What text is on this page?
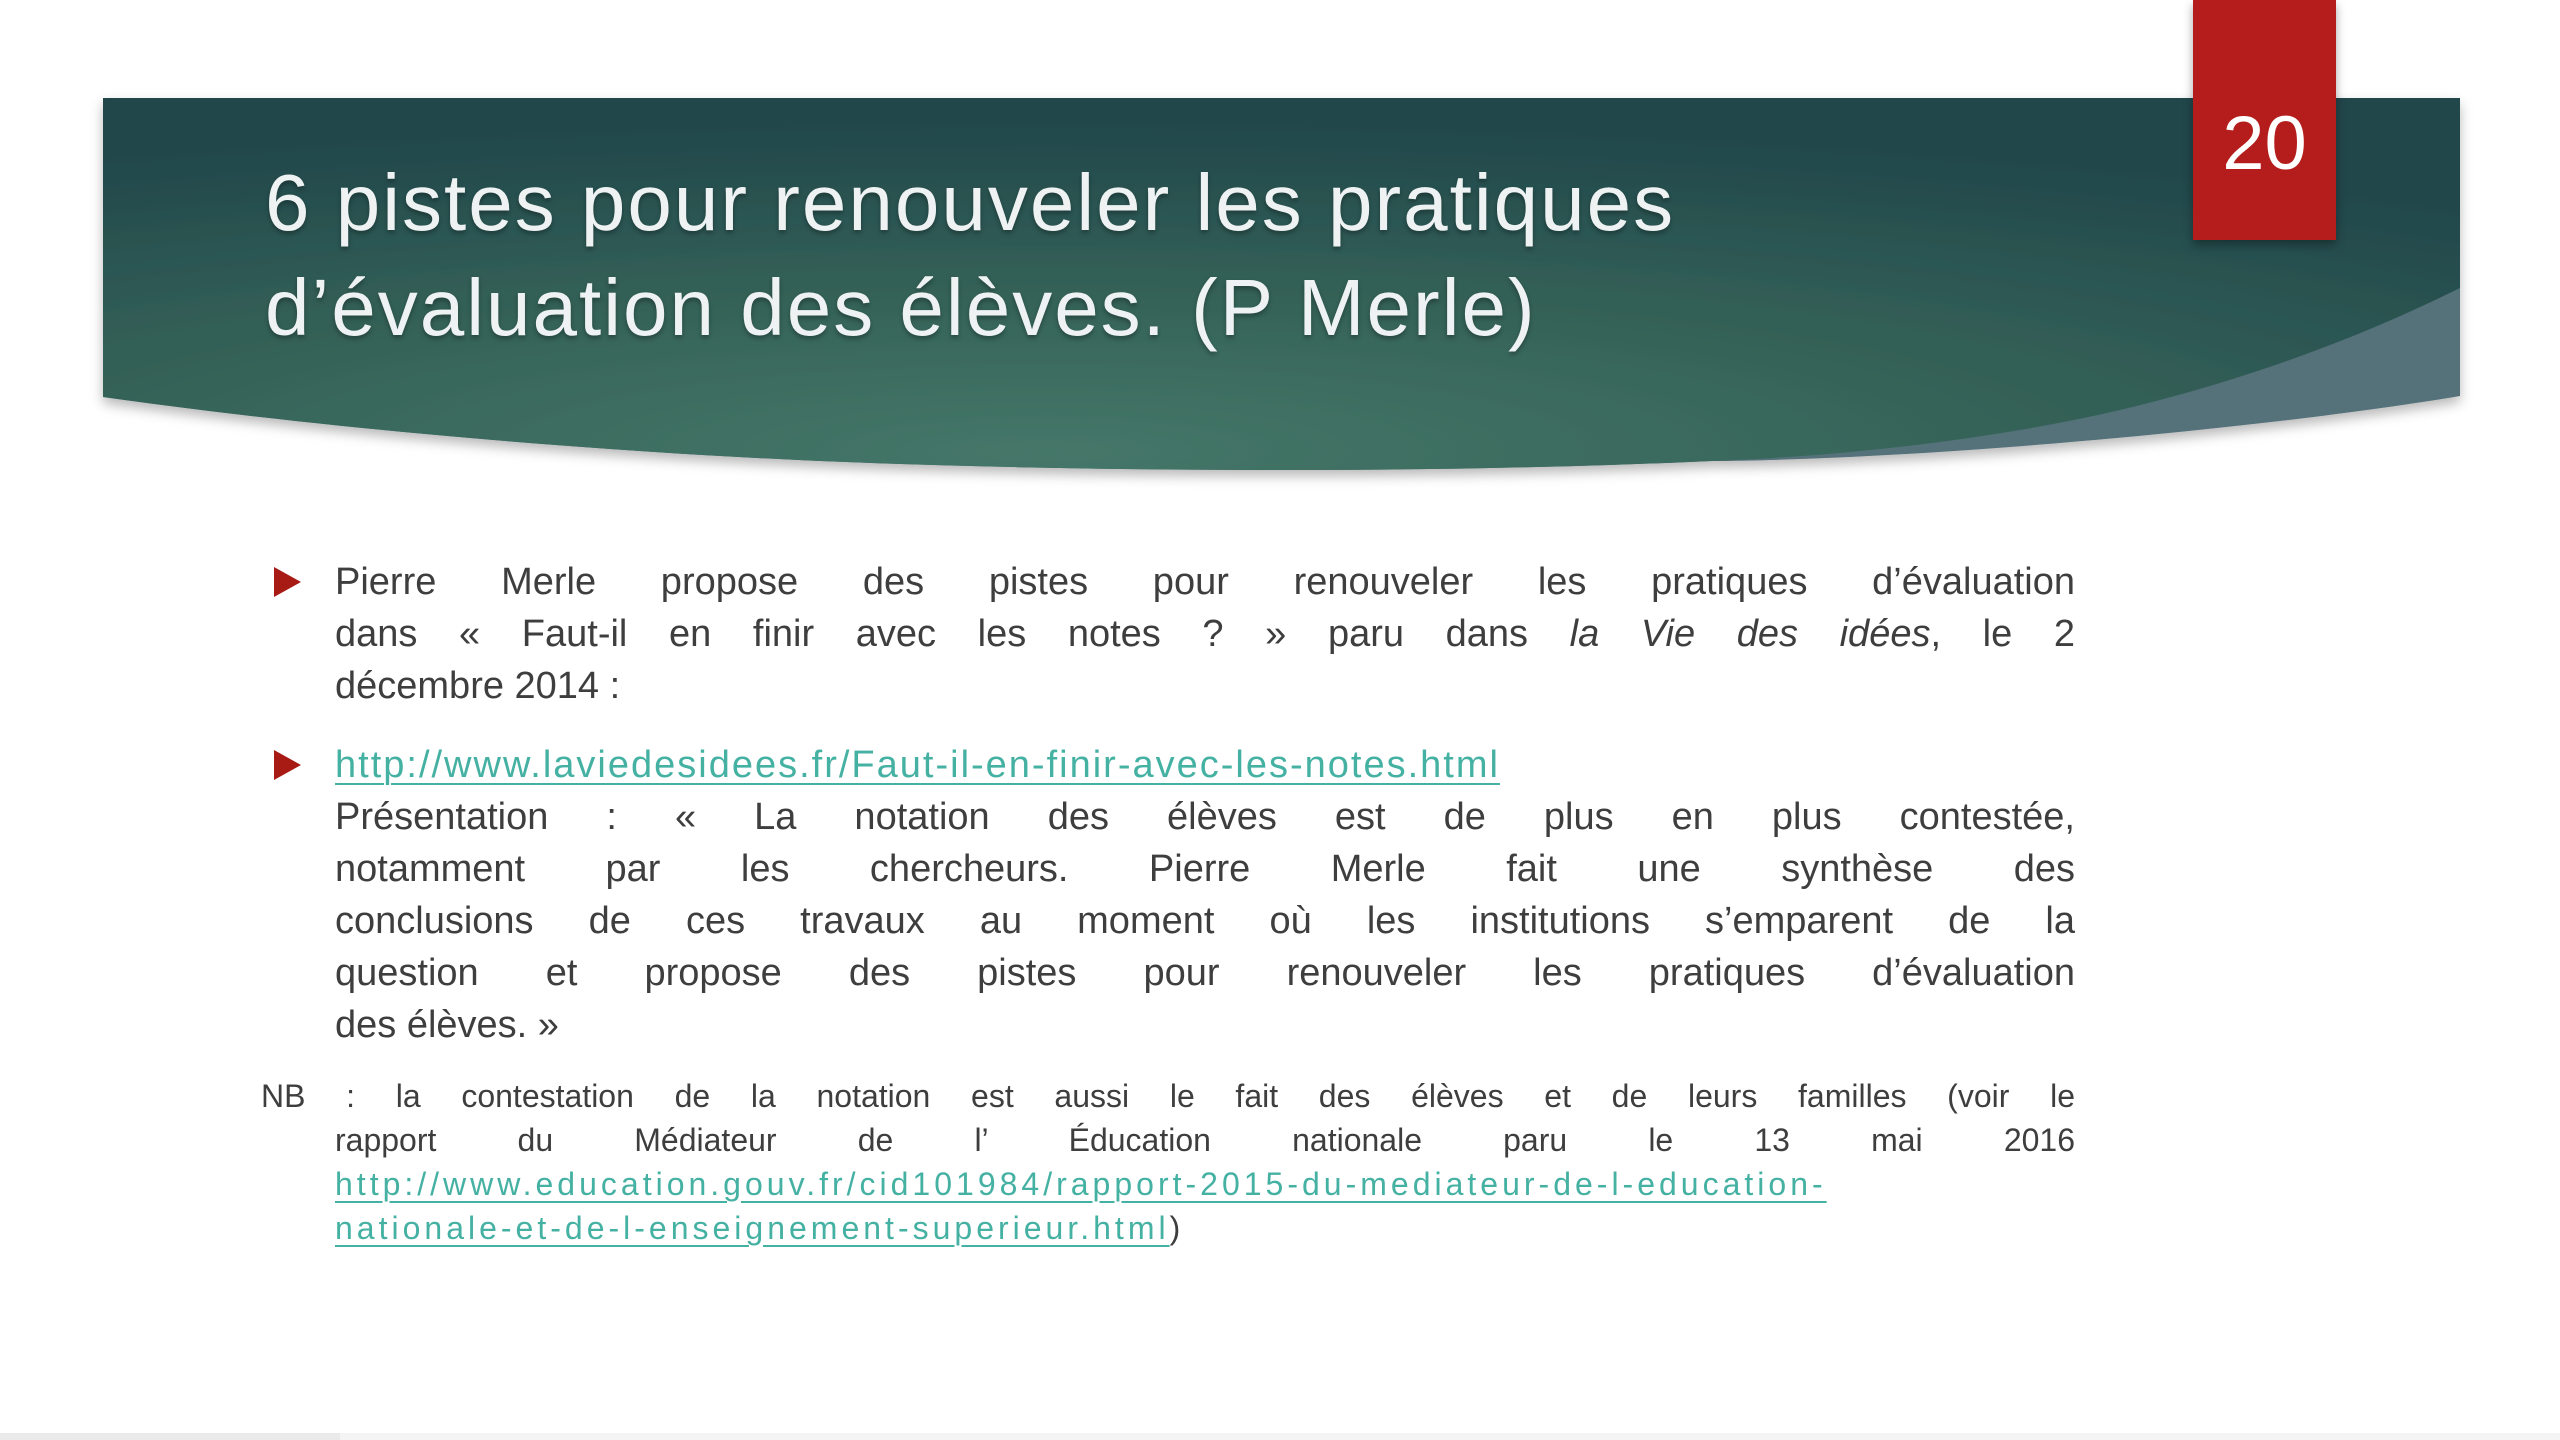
6 pistes pour renouveler les pratiques d’évaluation des élèves. (P Merle)
20
Pierre Merle propose des pistes pour renouveler les pratiques d’évaluation
dans « Faut-il en finir avec les notes ? » paru dans la Vie des idées, le 2
décembre 2014 :
http://www.laviedesidees.fr/Faut-il-en-finir-avec-les-notes.html
Présentation : « La notation des élèves est de plus en plus contestée,
notamment par les chercheurs. Pierre Merle fait une synthèse des
conclusions de ces travaux au moment où les institutions s’emparent de la
question et propose des pistes pour renouveler les pratiques d’évaluation
des élèves. »
NB : la contestation de la notation est aussi le fait des élèves et de leurs familles (voir le
rapport du Médiateur de l’ Éducation nationale paru le 13 mai 2016
http://www.education.gouv.fr/cid101984/rapport-2015-du-mediateur-de-l-education-
nationale-et-de-l-enseignement-superieur.html)
